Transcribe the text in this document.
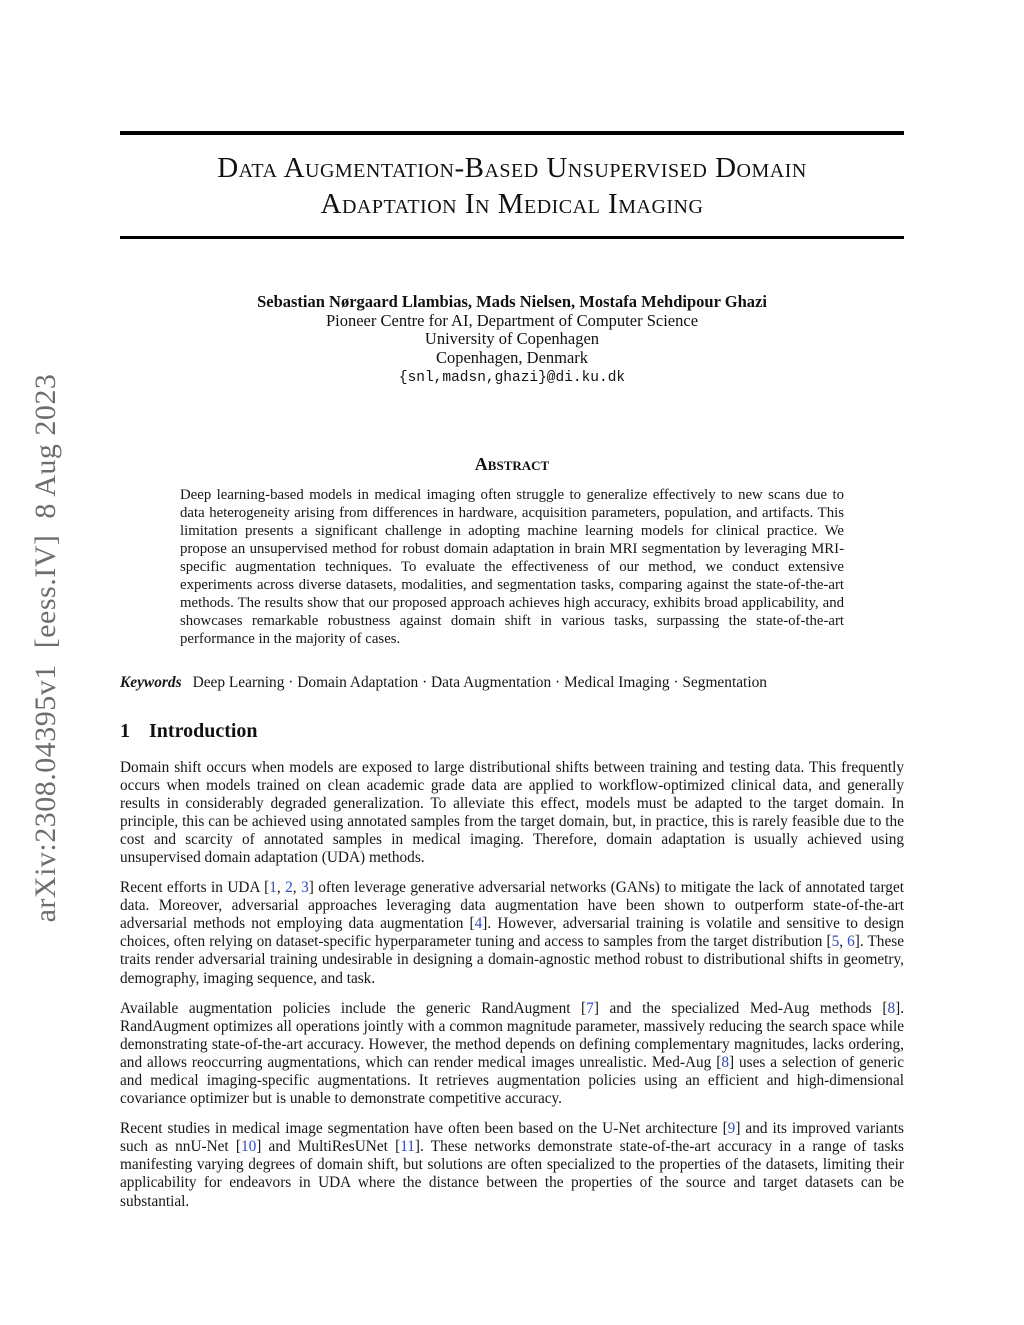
arXiv:2308.04395v1  [eess.IV]  8 Aug 2023
Data Augmentation-Based Unsupervised Domain
Adaptation In Medical Imaging
Sebastian Nørgaard Llambias, Mads Nielsen, Mostafa Mehdipour Ghazi
Pioneer Centre for AI, Department of Computer Science
University of Copenhagen
Copenhagen, Denmark
{snl,madsn,ghazi}@di.ku.dk
Abstract

Deep learning-based models in medical imaging often struggle to generalize effectively to new scans due to data heterogeneity arising from differences in hardware, acquisition parameters, population, and artifacts. This limitation presents a significant challenge in adopting machine learning models for clinical practice. We propose an unsupervised method for robust domain adaptation in brain MRI segmentation by leveraging MRI-specific augmentation techniques. To evaluate the effectiveness of our method, we conduct extensive experiments across diverse datasets, modalities, and segmentation tasks, comparing against the state-of-the-art methods. The results show that our proposed approach achieves high accuracy, exhibits broad applicability, and showcases remarkable robustness against domain shift in various tasks, surpassing the state-of-the-art performance in the majority of cases.

Keywords Deep Learning · Domain Adaptation · Data Augmentation · Medical Imaging · Segmentation
1 Introduction

Domain shift occurs when models are exposed to large distributional shifts between training and testing data. This frequently occurs when models trained on clean academic grade data are applied to workflow-optimized clinical data, and generally results in considerably degraded generalization. To alleviate this effect, models must be adapted to the target domain. In principle, this can be achieved using annotated samples from the target domain, but, in practice, this is rarely feasible due to the cost and scarcity of annotated samples in medical imaging. Therefore, domain adaptation is usually achieved using unsupervised domain adaptation (UDA) methods.

Recent efforts in UDA [1, 2, 3] often leverage generative adversarial networks (GANs) to mitigate the lack of annotated target data. Moreover, adversarial approaches leveraging data augmentation have been shown to outperform state-of-the-art adversarial methods not employing data augmentation [4]. However, adversarial training is volatile and sensitive to design choices, often relying on dataset-specific hyperparameter tuning and access to samples from the target distribution [5, 6]. These traits render adversarial training undesirable in designing a domain-agnostic method robust to distributional shifts in geometry, demography, imaging sequence, and task.

Available augmentation policies include the generic RandAugment [7] and the specialized Med-Aug methods [8]. RandAugment optimizes all operations jointly with a common magnitude parameter, massively reducing the search space while demonstrating state-of-the-art accuracy. However, the method depends on defining complementary magnitudes, lacks ordering, and allows reoccurring augmentations, which can render medical images unrealistic. Med-Aug [8] uses a selection of generic and medical imaging-specific augmentations. It retrieves augmentation policies using an efficient and high-dimensional covariance optimizer but is unable to demonstrate competitive accuracy.

Recent studies in medical image segmentation have often been based on the U-Net architecture [9] and its improved variants such as nnU-Net [10] and MultiResUNet [11]. These networks demonstrate state-of-the-art accuracy in a range of tasks manifesting varying degrees of domain shift, but solutions are often specialized to the properties of the datasets, limiting their applicability for endeavors in UDA where the distance between the properties of the source and target datasets can be substantial.
